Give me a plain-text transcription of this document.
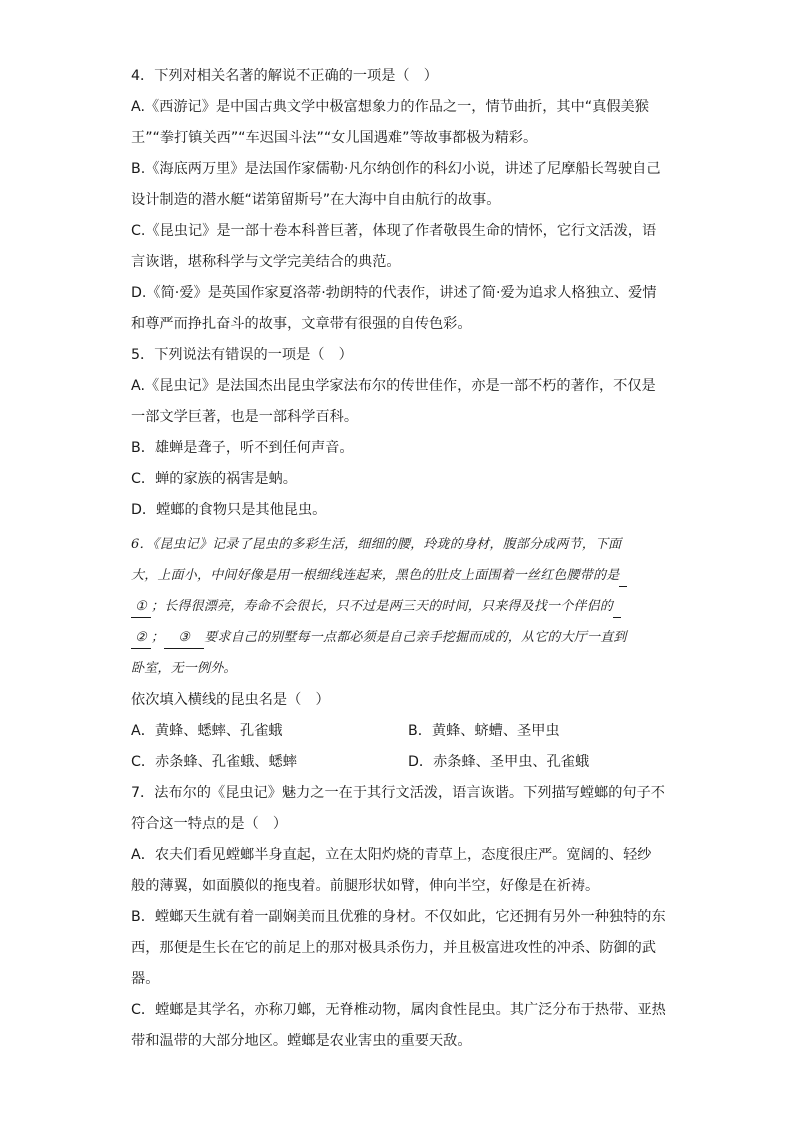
4．下列对相关名著的解说不正确的一项是（　）
A.《西游记》是中国古典文学中极富想象力的作品之一，情节曲折，其中“真假美猴
王”“拳打镇关西”“车迟国斗法”“女儿国遇难”等故事都极为精彩。
B.《海底两万里》是法国作家儒勒·凡尔纳创作的科幻小说，讲述了尼摩船长驾驶自己
设计制造的潜水艇“诺第留斯号”在大海中自由航行的故事。
C.《昆虫记》是一部十卷本科普巨著，体现了作者敬畏生命的情怀，它行文活泼，语
言诙谐，堪称科学与文学完美结合的典范。
D.《简·爱》是英国作家夏洛蒂·勃朗特的代表作，讲述了简·爱为追求人格独立、爱情
和尊严而挣扎奋斗的故事，文章带有很强的自传色彩。
5．下列说法有错误的一项是（　）
A.《昆虫记》是法国杰出昆虫学家法布尔的传世佳作，亦是一部不朽的著作，不仅是
一部文学巨著，也是一部科学百科。
B．雄蝉是聋子，听不到任何声音。
C．蝉的家族的祸害是蚋。
D．螳螂的食物只是其他昆虫。
6．《昆虫记》记录了昆虫的多彩生活，细细的腰，玲珑的身材，腹部分成两节，下面
大，上面小，中间好像是用一根细线连起来，黑色的肚皮上面围着一丝红色腰带的是
① ；长得很漂亮，寿命不会很长，只不过是两三天的时间，只来得及找一个伴侣的
② ； ③ 要求自己的别墅每一点都必须是自己亲手挖掘而成的，从它的大厅一直到
卧室，无一例外。
依次填入横线的昆虫名是（　）
A．黄蜂、蟋蟀、孔雀蛾	B．黄蜂、蛴螬、圣甲虫
C．赤条蜂、孔雀蛾、蟋蟀	D．赤条蜂、圣甲虫、孔雀蛾
7．法布尔的《昆虫记》魅力之一在于其行文活泼，语言诙谐。下列描写螳螂的句子不
符合这一特点的是（　）
A．农夫们看见螳螂半身直起，立在太阳灼烧的青草上，态度很庄严。宽阔的、轻纱
般的薄翼，如面膜似的拖曳着。前腿形状如臂，伸向半空，好像是在祈祷。
B．螳螂天生就有着一副娴美而且优雅的身材。不仅如此，它还拥有另外一种独特的东
西，那便是生长在它的前足上的那对极具杀伤力，并且极富进攻性的冲杀、防御的武
器。
C．螳螂是其学名，亦称刀螂，无脊椎动物，属肉食性昆虫。其广泛分布于热带、亚热
带和温带的大部分地区。螳螂是农业害虫的重要天敌。
